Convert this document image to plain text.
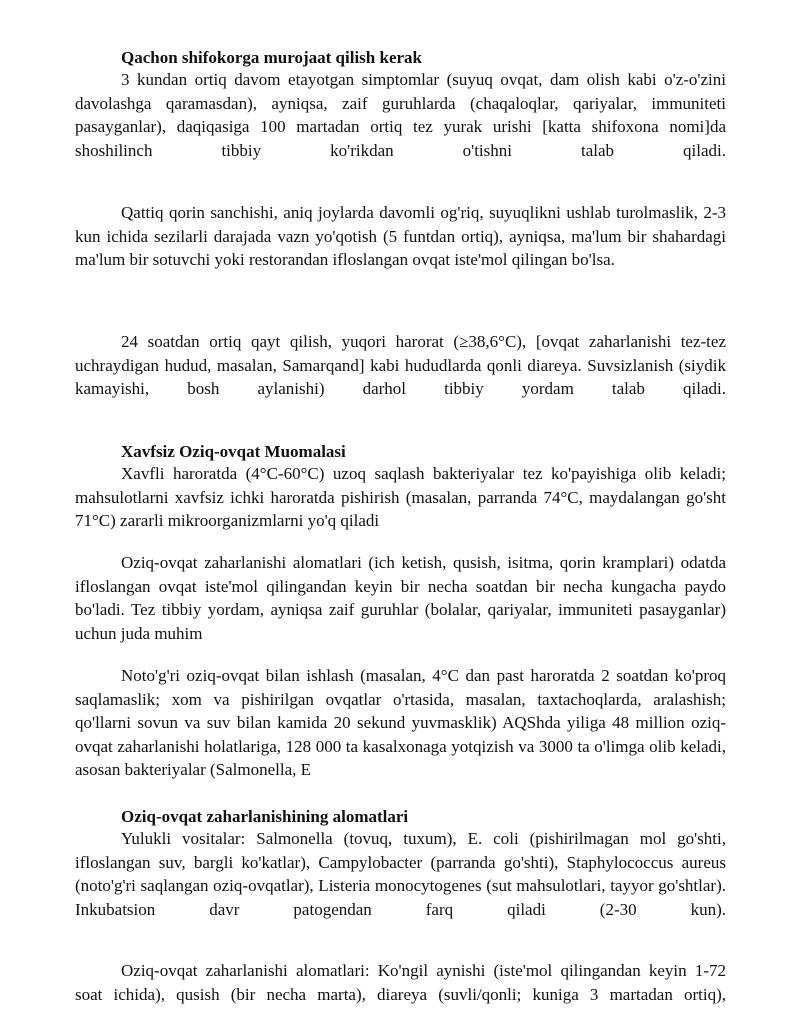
Qachon shifokorga murojaat qilish kerak

3 kundan ortiq davom etayotgan simptomlar (suyuq ovqat, dam olish kabi o'z-o'zini davolashga qaramasdan), ayniqsa, zaif guruhlarda (chaqaloqlar, qariyalar, immuniteti pasayganlar), daqiqasiga 100 martadan ortiq tez yurak urishi [katta shifoxona nomi]da shoshilinch tibbiy ko'rikdan o'tishni talab qiladi.

Qattiq qorin sanchishi, aniq joylarda davomli og'riq, suyuqlikni ushlab turolmaslik, 2-3 kun ichida sezilarli darajada vazn yo'qotish (5 funtdan ortiq), ayniqsa, ma'lum bir shahardagi ma'lum bir sotuvchi yoki restorandan ifloslangan ovqat iste'mol qilingan bo'lsa.

24 soatdan ortiq qayt qilish, yuqori harorat (≥38,6°C), [ovqat zaharlanishi tez-tez uchraydigan hudud, masalan, Samarqand] kabi hududlarda qonli diareya. Suvsizlanish (siydik kamayishi, bosh aylanishi) darhol tibbiy yordam talab qiladi.

Xavfsiz Oziq-ovqat Muomalasi

Xavfli haroratda (4°C-60°C) uzoq saqlash bakteriyalar tez ko'payishiga olib keladi; mahsulotlarni xavfsiz ichki haroratda pishirish (masalan, parranda 74°C, maydalangan go'sht 71°C) zararli mikroorganizmlarni yo'q qiladi

Oziq-ovqat zaharlanishi alomatlari (ich ketish, qusish, isitma, qorin kramplari) odatda ifloslangan ovqat iste'mol qilingandan keyin bir necha soatdan bir necha kungacha paydo bo'ladi. Tez tibbiy yordam, ayniqsa zaif guruhlar (bolalar, qariyalar, immuniteti pasayganlar) uchun juda muhim

Noto'g'ri oziq-ovqat bilan ishlash (masalan, 4°C dan past haroratda 2 soatdan ko'proq saqlamaslik; xom va pishirilgan ovqatlar o'rtasida, masalan, taxtachoqlarda, aralashish; qo'llarni sovun va suv bilan kamida 20 sekund yuvmasklik) AQShda yiliga 48 million oziq-ovqat zaharlanishi holatlariga, 128 000 ta kasalxonaga yotqizish va 3000 ta o'limga olib keladi, asosan bakteriyalar (Salmonella, E

Oziq-ovqat zaharlanishining alomatlari

Yulukli vositalar: Salmonella (tovuq, tuxum), E. coli (pishirilmagan mol go'shti, ifloslangan suv, bargli ko'katlar), Campylobacter (parranda go'shti), Staphylococcus aureus (noto'g'ri saqlangan oziq-ovqatlar), Listeria monocytogenes (sut mahsulotlari, tayyor go'shtlar). Inkubatsion davr patogendan farq qiladi (2-30 kun).

Oziq-ovqat zaharlanishi alomatlari: Ko'ngil aynishi (iste'mol qilingandan keyin 1-72 soat ichida), qusish (bir necha marta), diareya (suvli/qonli; kuniga 3 martadan ortiq),
